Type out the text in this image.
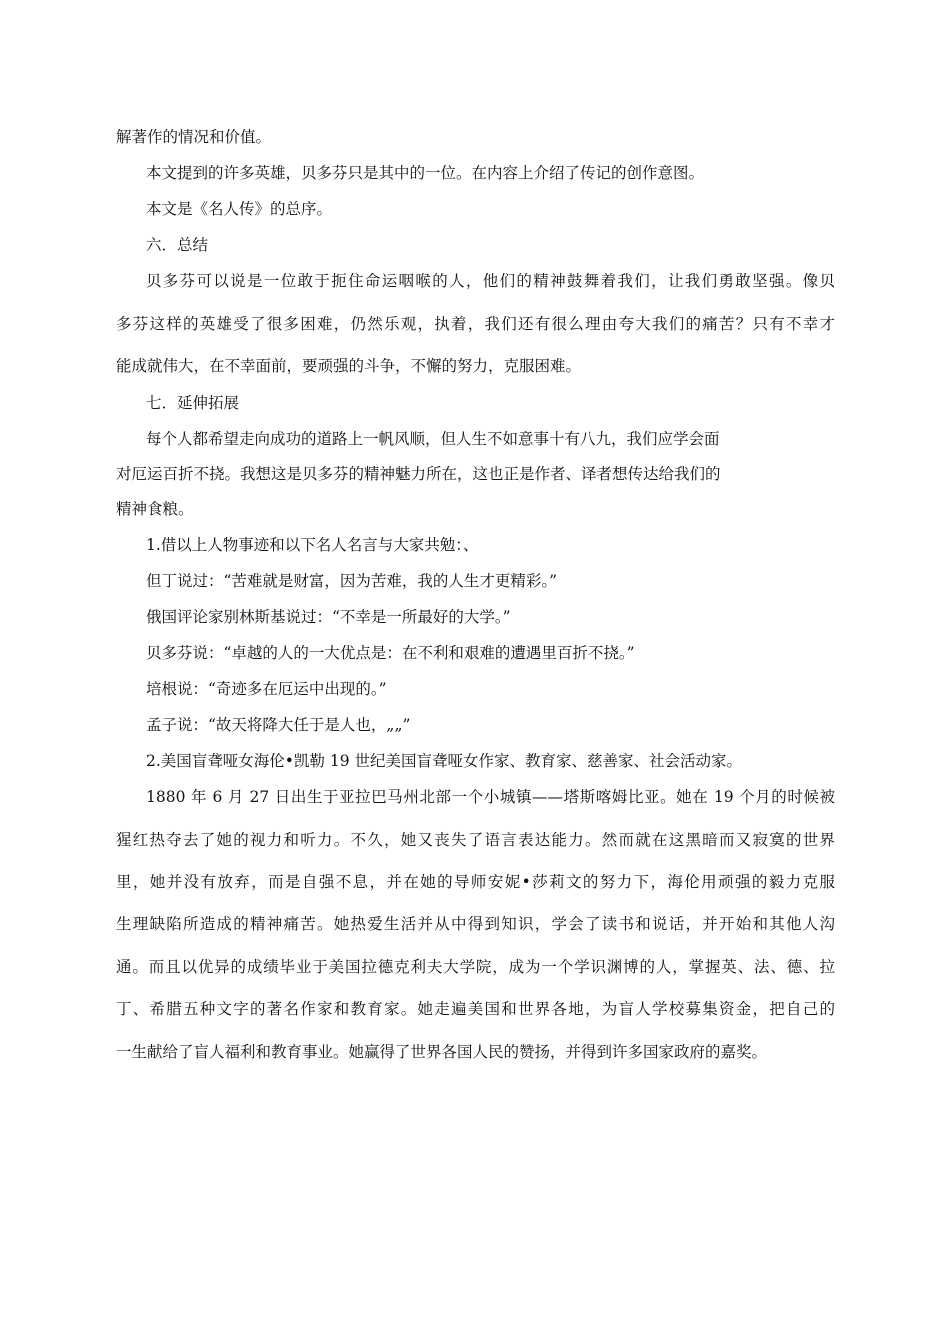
解著作的情况和价值。
本文提到的许多英雄，贝多芬只是其中的一位。在内容上介绍了传记的创作意图。
本文是《名人传》的总序。
六．总结
贝多芬可以说是一位敢于扼住命运咽喉的人，他们的精神鼓舞着我们，让我们勇敢坚强。像贝
多芬这样的英雄受了很多困难，仍然乐观，执着，我们还有很么理由夸大我们的痛苦？只有不幸才
能成就伟大，在不幸面前，要顽强的斗争，不懈的努力，克服困难。
七．延伸拓展
每个人都希望走向成功的道路上一帆风顺，但人生不如意事十有八九，我们应学会面
对厄运百折不挠。我想这是贝多芬的精神魅力所在，这也正是作者、译者想传达给我们的
精神食粮。
1.借以上人物事迹和以下名人名言与大家共勉：、
但丁说过：“苦难就是财富，因为苦难，我的人生才更精彩。”
俄国评论家别林斯基说过：“不幸是一所最好的大学。”
贝多芬说：“卓越的人的一大优点是：在不利和艰难的遭遇里百折不挠。”
培根说：“奇迹多在厄运中出现的。”
孟子说：“故天将降大任于是人也，„„”
2.美国盲聋哑女海伦•凯勒 19 世纪美国盲聋哑女作家、教育家、慈善家、社会活动家。
1880 年 6 月 27 日出生于亚拉巴马州北部一个小城镇——塔斯喀姆比亚。她在 19 个月的时候被
猩红热夺去了她的视力和听力。不久，她又丧失了语言表达能力。然而就在这黑暗而又寂寞的世界
里，她并没有放弃，而是自强不息，并在她的导师安妮•莎莉文的努力下，海伦用顽强的毅力克服
生理缺陷所造成的精神痛苦。她热爱生活并从中得到知识，学会了读书和说话，并开始和其他人沟
通。而且以优异的成绩毕业于美国拉德克利夫大学院，成为一个学识渊博的人，掌握英、法、德、拉
丁、希腊五种文字的著名作家和教育家。她走遍美国和世界各地，为盲人学校募集资金，把自己的
一生献给了盲人福利和教育事业。她赢得了世界各国人民的赞扬，并得到许多国家政府的嘉奖。
